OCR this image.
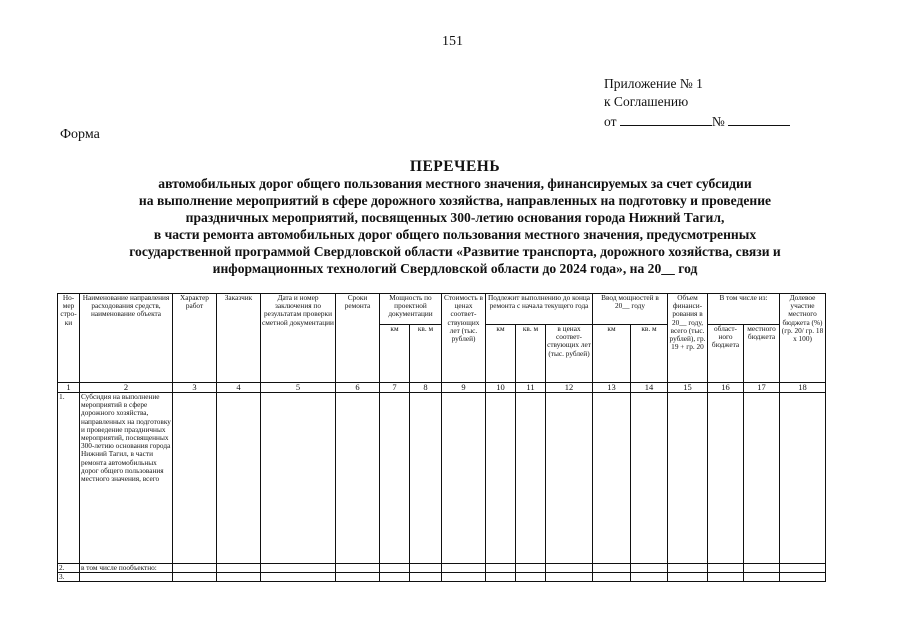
151
Приложение № 1
к Соглашению
от	№
Форма
ПЕРЕЧЕНЬ
автомобильных дорог общего пользования местного значения, финансируемых за счет субсидии
на выполнение мероприятий в сфере дорожного хозяйства, направленных на подготовку и проведение
праздничных мероприятий, посвященных 300-летию основания города Нижний Тагил,
в части ремонта автомобильных дорог общего пользования местного значения, предусмотренных
государственной программой Свердловской области «Развитие транспорта, дорожного хозяйства, связи и
информационных технологий Свердловской области до 2024 года», на 20__ год
Но-мер стро-ки	Наименование направления расходования средств, наименование объекта	Характер работ	Заказчик	Дата и номер заключения по результатам проверки сметной документации	Сроки ремонта	Мощность по проектной документации		Стоимость в ценах соответ-ствующих лет (тыс. рублей)	Подлежит выполнению до конца ремонта с начала текущего года			Ввод мощностей в 20__ году		Объем финанси-рования в 20__ году, всего (тыс. рублей), гр. 19 + гр. 20	В том числе из:		Долевое участие местного бюджета (%) (гр. 20/ гр. 18 x 100)
						км	кв. м		км	кв. м	в ценах соответ-ствующих лет (тыс. рублей)	км	кв. м		област-ного бюджета	местного бюджета	
1	2	3	4	5	6	7	8	9	10	11	12	13	14	15	16	17	18
1.	Субсидия на выполнение мероприятий в сфере дорожного хозяйства, направленных на подготовку и проведение праздничных мероприятий, посвященных 300-летию основания города Нижний Тагил, в части ремонта автомобильных дорог общего пользования местного значения, всего																
2.	в том числе пообъектно:																
3.																	
